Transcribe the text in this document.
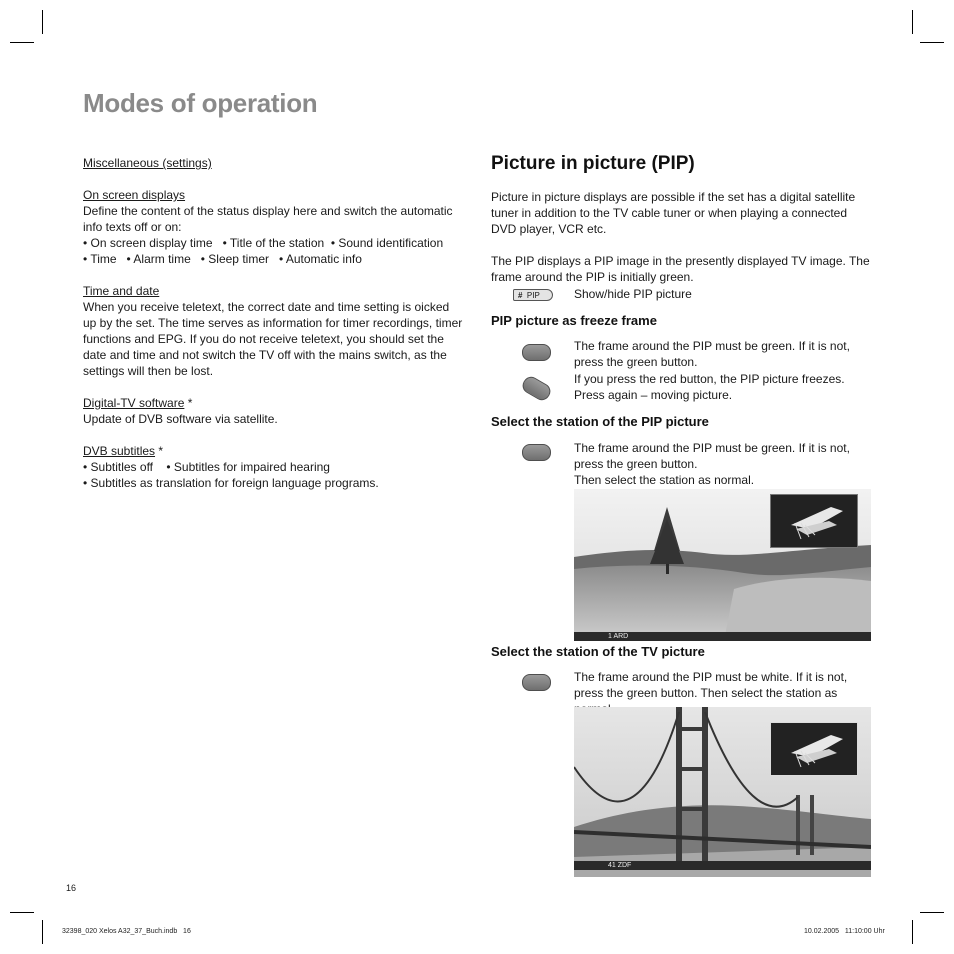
Modes of operation

Miscellaneous (settings)

On screen displays

Define the content of the status display here and switch the automatic info texts off or on:

• On screen display time   • Title of the station  • Sound identification

• Time   • Alarm time   • Sleep timer   • Automatic info

Time and date

When you receive teletext, the correct date and time setting is oicked up by the set. The time serves as information for timer recordings, timer functions and EPG. If you do not receive teletext, you should set the date and time and not switch the TV off with the mains switch, as the settings will then be lost.

Digital-TV software *

Update of DVB software via satellite.

DVB subtitles *

• Subtitles off    • Subtitles for impaired hearing

• Subtitles as translation for foreign language programs.

Picture in picture (PIP)
Picture in picture displays are possible if the set has a digital satellite tuner in addition to the TV cable tuner or when playing a connected DVD player, VCR etc.
The PIP displays a PIP image in the presently displayed TV image. The frame around the PIP is initially green.
# PIP	Show/hide PIP picture
PIP picture as freeze frame
The frame around the PIP must be green. If it is not, press the green button.
If you press the red button, the PIP picture freezes.
Press again – moving picture.
Select the station of the PIP picture
The frame around the PIP must be green. If it is not, press the green button.
Then select the station as normal.
1 ARD
Select the station of the TV picture
The frame around the PIP must be white. If it is not, press the green button. Then select the station as
41 ZDF
16
32398_020 Xelos A32_37_Buch.indb   16	10.02.2005   11:10:00 Uhr
